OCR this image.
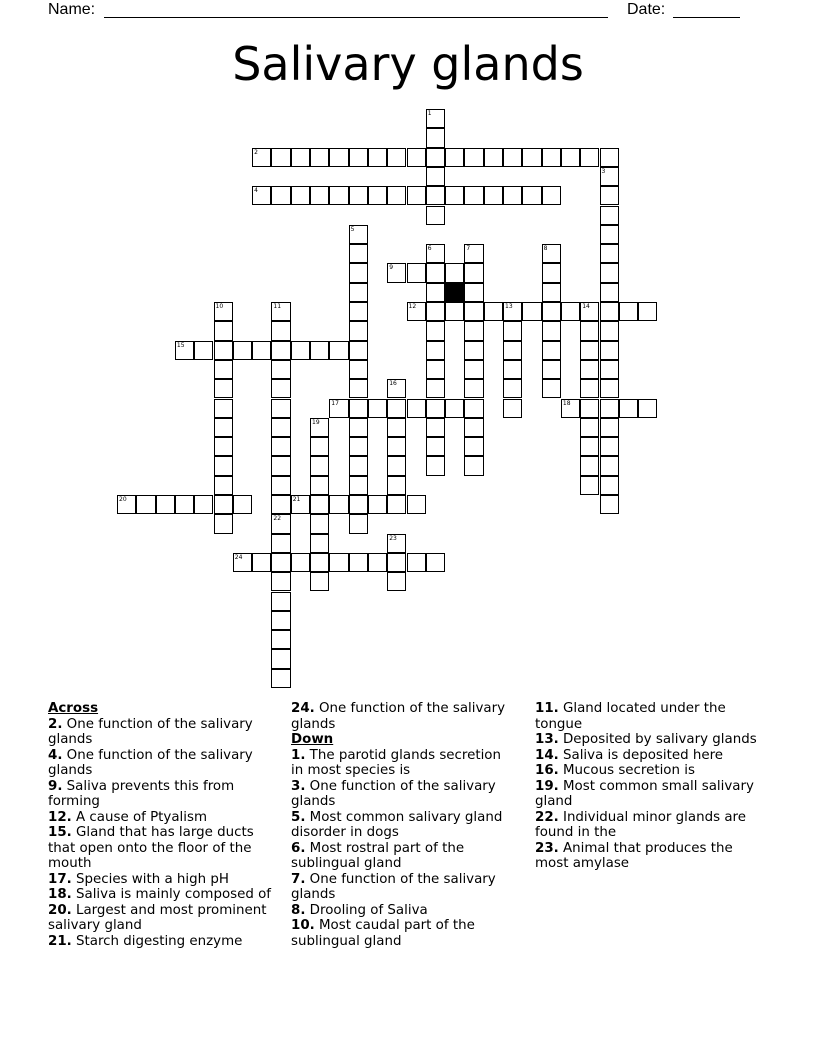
Name:	Date:
Salivary glands
1
2
3
4
5
6	7	8
9
10	11	12	13	14
15
16
17	18
19
20	21
22
23
24
Across
2. One function of the salivary glands
4. One function of the salivary glands
9. Saliva prevents this from forming
12. A cause of Ptyalism
15. Gland that has large ducts that open onto the floor of the mouth
17. Species with a high pH
18. Saliva is mainly composed of
20. Largest and most prominent salivary gland
21. Starch digesting enzyme
24. One function of the salivary glands
Down
1. The parotid glands secretion in most species is
3. One function of the salivary glands
5. Most common salivary gland disorder in dogs
6. Most rostral part of the sublingual gland
7. One function of the salivary glands
8. Drooling of Saliva
10. Most caudal part of the sublingual gland
11. Gland located under the tongue
13. Deposited by salivary glands
14. Saliva is deposited here
16. Mucous secretion is
19. Most common small salivary gland
22. Individual minor glands are found in the
23. Animal that produces the most amylase
